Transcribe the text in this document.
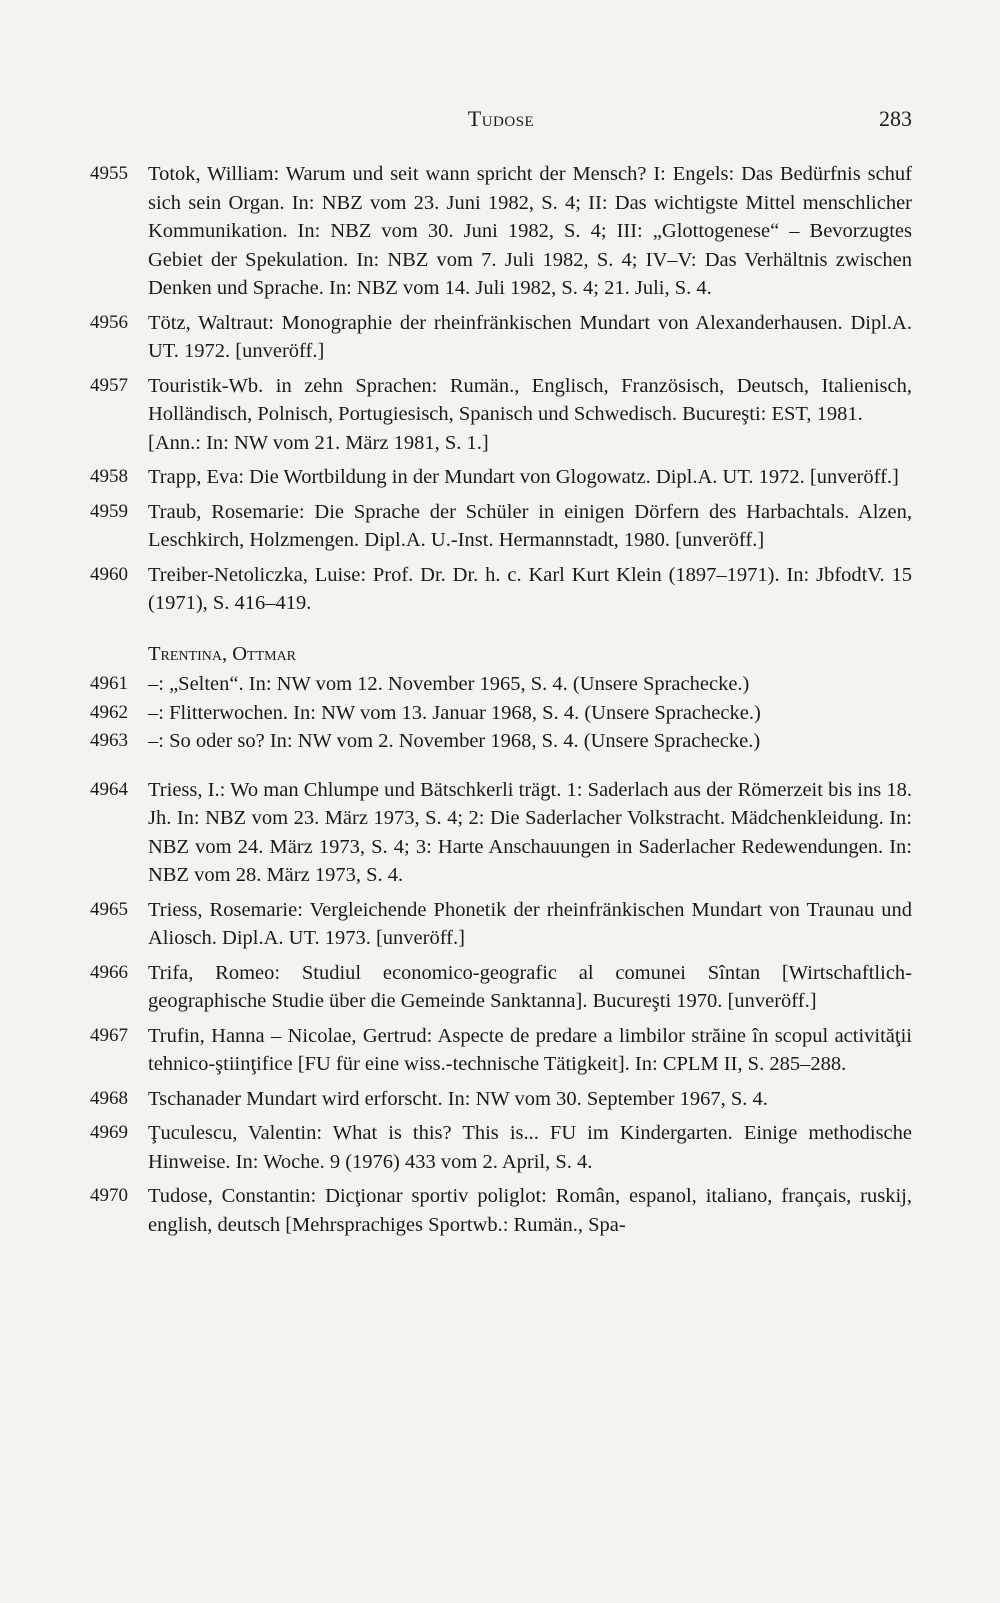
Tudose	283
4955 Totok, William: Warum und seit wann spricht der Mensch? I: Engels: Das Bedürfnis schuf sich sein Organ. In: NBZ vom 23. Juni 1982, S. 4; II: Das wichtigste Mittel menschlicher Kommunikation. In: NBZ vom 30. Juni 1982, S. 4; III: „Glottogenese“ – Bevorzugtes Gebiet der Spekulation. In: NBZ vom 7. Juli 1982, S. 4; IV–V: Das Verhältnis zwischen Denken und Sprache. In: NBZ vom 14. Juli 1982, S. 4; 21. Juli, S. 4.
4956 Tötz, Waltraut: Monographie der rheinfränkischen Mundart von Alexanderhausen. Dipl.A. UT. 1972. [unveröff.]
4957 Touristik-Wb. in zehn Sprachen: Rumän., Englisch, Französisch, Deutsch, Italienisch, Holländisch, Polnisch, Portugiesisch, Spanisch und Schwedisch. Bucureşti: EST, 1981.
[Ann.: In: NW vom 21. März 1981, S. 1.]
4958 Trapp, Eva: Die Wortbildung in der Mundart von Glogowatz. Dipl.A. UT. 1972. [unveröff.]
4959 Traub, Rosemarie: Die Sprache der Schüler in einigen Dörfern des Harbachtals. Alzen, Leschkirch, Holzmengen. Dipl.A. U.-Inst. Hermannstadt, 1980. [unveröff.]
4960 Treiber-Netoliczka, Luise: Prof. Dr. Dr. h. c. Karl Kurt Klein (1897–1971). In: JbfodtV. 15 (1971), S. 416–419.
Trentina, Ottmar
4961 –: „Selten“. In: NW vom 12. November 1965, S. 4. (Unsere Sprachecke.)
4962 –: Flitterwochen. In: NW vom 13. Januar 1968, S. 4. (Unsere Sprachecke.)
4963 –: So oder so? In: NW vom 2. November 1968, S. 4. (Unsere Sprachecke.)
4964 Triess, I.: Wo man Chlumpe und Bätschkerli trägt. 1: Saderlach aus der Römerzeit bis ins 18. Jh. In: NBZ vom 23. März 1973, S. 4; 2: Die Saderlacher Volkstracht. Mädchenkleidung. In: NBZ vom 24. März 1973, S. 4; 3: Harte Anschauungen in Saderlacher Redewendungen. In: NBZ vom 28. März 1973, S. 4.
4965 Triess, Rosemarie: Vergleichende Phonetik der rheinfränkischen Mundart von Traunau und Aliosch. Dipl.A. UT. 1973. [unveröff.]
4966 Trifa, Romeo: Studiul economico-geografic al comunei Sîntan [Wirtschaftlich-geographische Studie über die Gemeinde Sanktanna]. Bucureşti 1970. [unveröff.]
4967 Trufin, Hanna – Nicolae, Gertrud: Aspecte de predare a limbilor străine în scopul activităţii tehnico-ştiinţifice [FU für eine wiss.-technische Tätigkeit]. In: CPLM II, S. 285–288.
4968 Tschanader Mundart wird erforscht. In: NW vom 30. September 1967, S. 4.
4969 Ţuculescu, Valentin: What is this? This is... FU im Kindergarten. Einige methodische Hinweise. In: Woche. 9 (1976) 433 vom 2. April, S. 4.
4970 Tudose, Constantin: Dicţionar sportiv poliglot: Român, espanol, italiano, français, ruskij, english, deutsch [Mehrsprachiges Sportwb.: Rumän., Spa-
